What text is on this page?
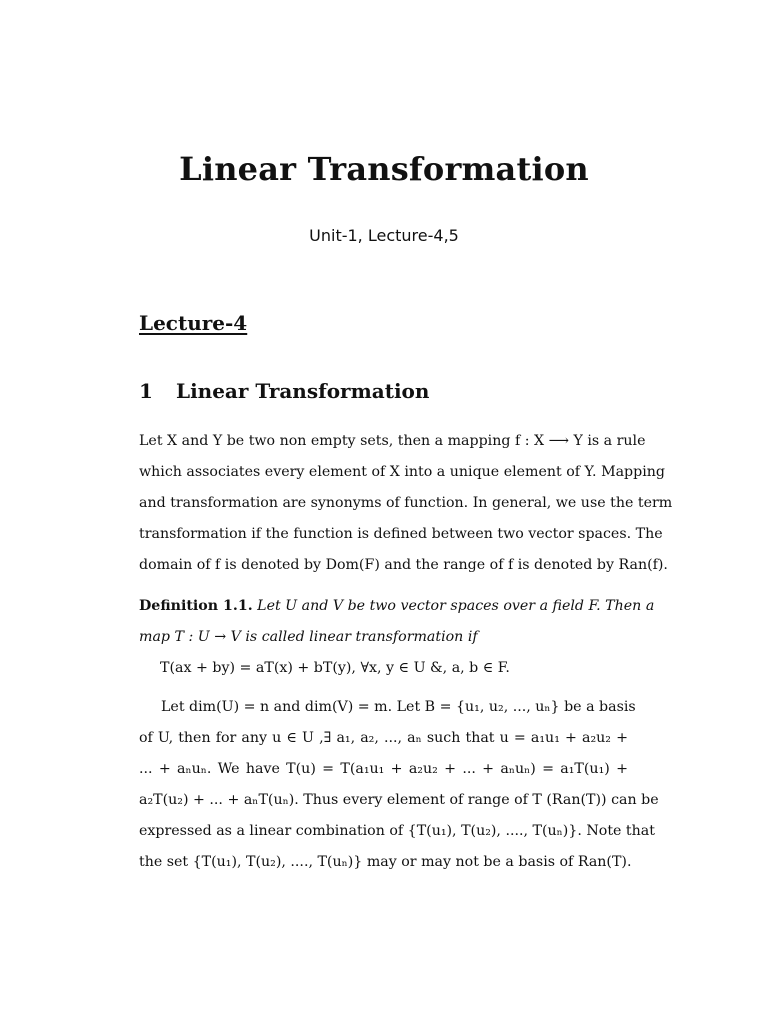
Linear Transformation
Unit-1, Lecture-4,5
Lecture-4
1 Linear Transformation
Let X and Y be two non empty sets, then a mapping f : X ⟶ Y is a rule
which associates every element of X into a unique element of Y. Mapping
and transformation are synonyms of function. In general, we use the term
transformation if the function is defined between two vector spaces. The
domain of f is denoted by Dom(F) and the range of f is denoted by Ran(f).
Definition 1.1. Let U and V be two vector spaces over a field F. Then a
map T : U → V is called linear transformation if
T(ax + by) = aT(x) + bT(y), ∀x, y ∈ U &, a, b ∈ F.
Let dim(U) = n and dim(V) = m. Let B = {u₁, u₂, ..., uₙ} be a basis
of U, then for any u ∈ U ,∃ a₁, a₂, ..., aₙ such that u = a₁u₁ + a₂u₂ +
... + aₙuₙ. We have T(u) = T(a₁u₁ + a₂u₂ + ... + aₙuₙ) = a₁T(u₁) +
a₂T(u₂) + ... + aₙT(uₙ). Thus every element of range of T (Ran(T)) can be
expressed as a linear combination of {T(u₁), T(u₂), ...., T(uₙ)}. Note that
the set {T(u₁), T(u₂), ...., T(uₙ)} may or may not be a basis of Ran(T).
